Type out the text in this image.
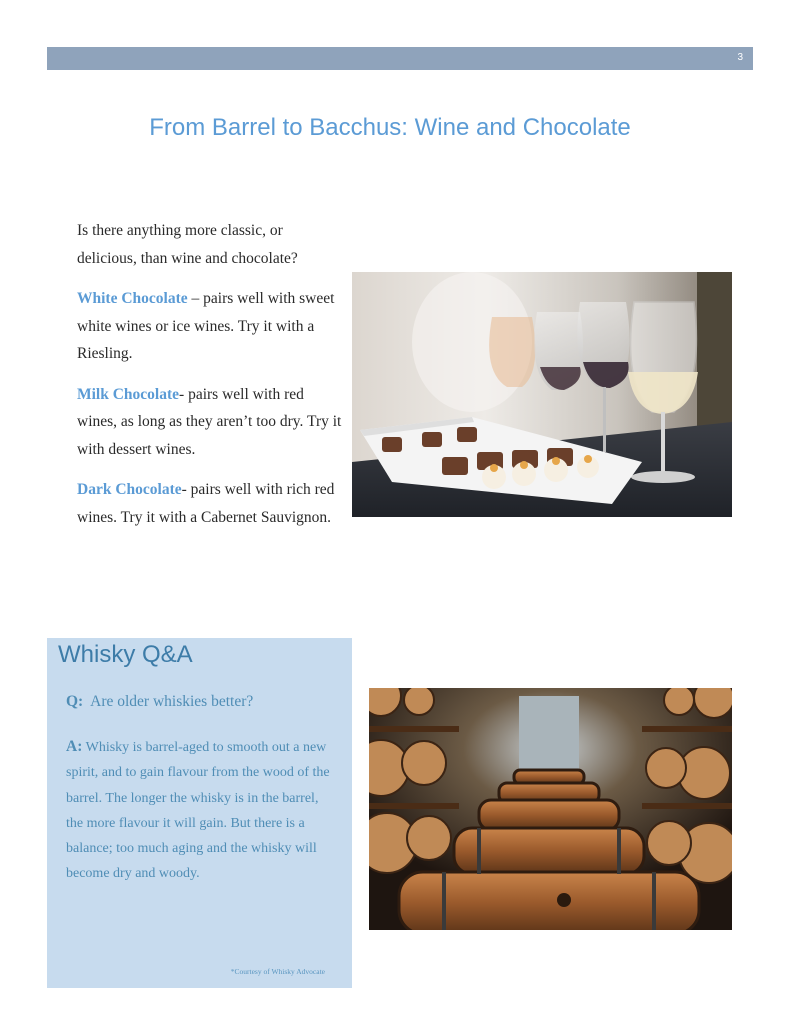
3
From Barrel to Bacchus: Wine and Chocolate

Is there anything more classic, or delicious, than wine and chocolate?

White Chocolate – pairs well with sweet white wines or ice wines. Try it with a Riesling.

Milk Chocolate- pairs well with red wines, as long as they aren’t too dry. Try it with dessert wines.

Dark Chocolate- pairs well with rich red wines. Try it with a Cabernet Sauvignon.

Whisky Q&A
Q: Are older whiskies better?
A: Whisky is barrel-aged to smooth out a new spirit, and to gain flavour from the wood of the barrel. The longer the whisky is in the barrel, the more flavour it will gain. But there is a balance; too much aging and the whisky will become dry and woody.
*Courtesy of Whisky Advocate
